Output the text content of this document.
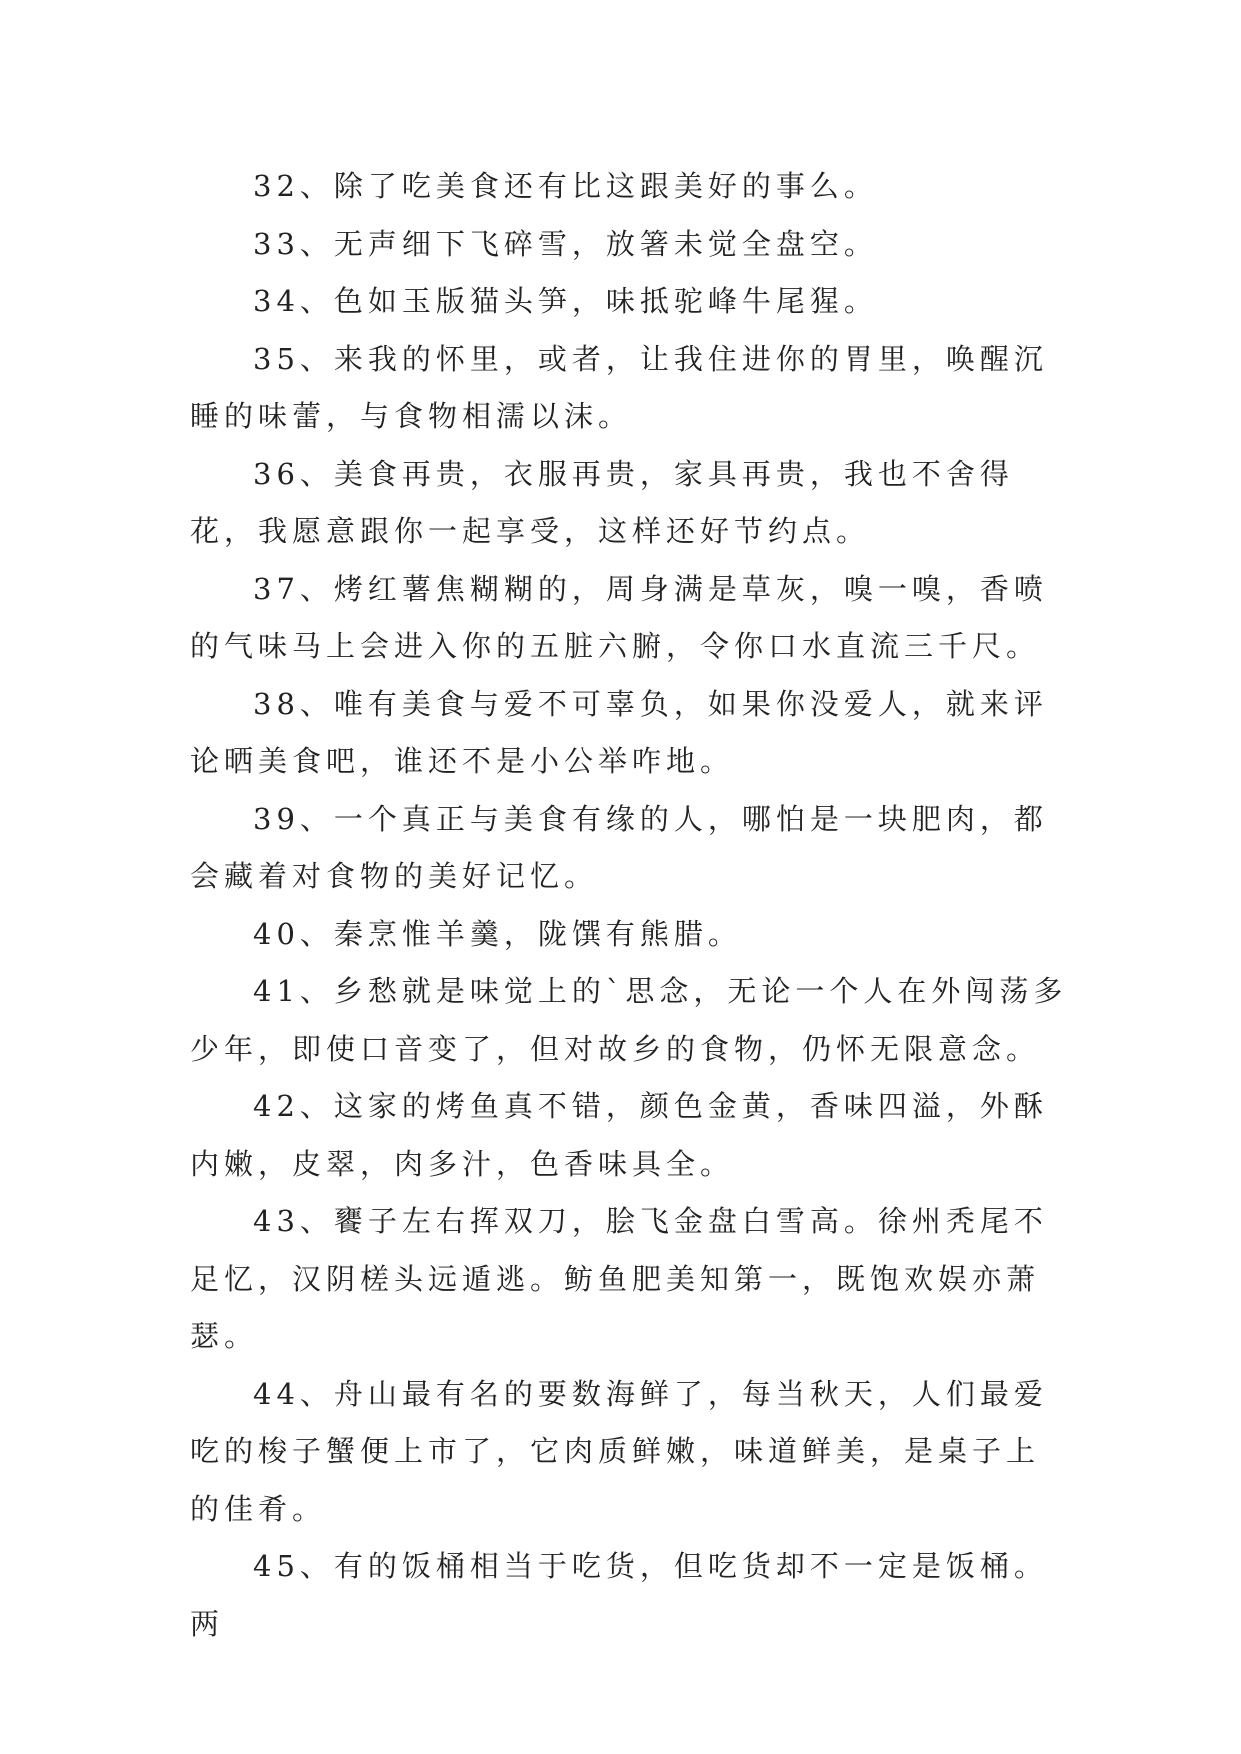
32、除了吃美食还有比这跟美好的事么。

33、无声细下飞碎雪，放箸未觉全盘空。

34、色如玉版猫头笋，味抵驼峰牛尾猩。

35、来我的怀里，或者，让我住进你的胃里，唤醒沉睡的味蕾，与食物相濡以沫。

36、美食再贵，衣服再贵，家具再贵，我也不舍得花，我愿意跟你一起享受，这样还好节约点。

37、烤红薯焦糊糊的，周身满是草灰，嗅一嗅，香喷的气味马上会进入你的五脏六腑，令你口水直流三千尺。

38、唯有美食与爱不可辜负，如果你没爱人，就来评论晒美食吧，谁还不是小公举咋地。

39、一个真正与美食有缘的人，哪怕是一块肥肉，都会藏着对食物的美好记忆。

40、秦烹惟羊羹，陇馔有熊腊。

41、乡愁就是味觉上的`思念，无论一个人在外闯荡多少年，即使口音变了，但对故乡的食物，仍怀无限意念。

42、这家的烤鱼真不错，颜色金黄，香味四溢，外酥内嫩，皮翠，肉多汁，色香味具全。

43、饔子左右挥双刀，脍飞金盘白雪高。徐州秃尾不足忆，汉阴槎头远遁逃。鲂鱼肥美知第一，既饱欢娱亦萧瑟。

44、舟山最有名的要数海鲜了，每当秋天，人们最爱吃的梭子蟹便上市了，它肉质鲜嫩，味道鲜美，是桌子上的佳肴。

45、有的饭桶相当于吃货，但吃货却不一定是饭桶。两
